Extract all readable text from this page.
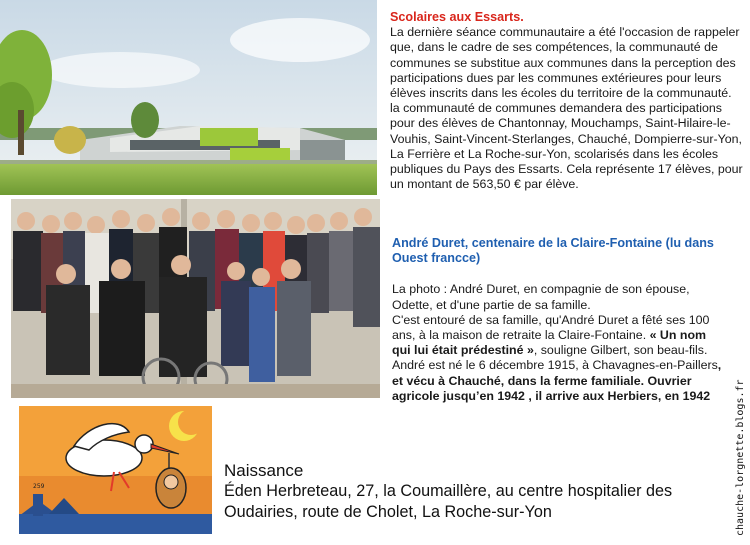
259
Scolaires aux Essarts.
La dernière séance communautaire a été l'occasion de rappeler que, dans le cadre de ses compétences, la communauté de communes se substitue aux communes dans la perception des participations dues par les communes extérieures pour leurs élèves inscrits dans les écoles du territoire de la communauté.
la communauté de communes demandera des participations pour des élèves de Chantonnay, Mouchamps, Saint-Hilaire-le-Vouhis, Saint-Vincent-Sterlanges, Chauché, Dompierre-sur-Yon, La Ferrière et La Roche-sur-Yon, scolarisés dans les écoles publiques du Pays des Essarts. Cela représente 17 élèves, pour un montant de 563,50 € par élève.
André Duret, centenaire de la Claire-Fontaine (lu dans Ouest francce)
La photo : André Duret, en compagnie de son épouse, Odette, et d'une partie de sa famille.
C'est entouré de sa famille, qu'André Duret a fêté ses 100 ans, à la maison de retraite la Claire-Fontaine. « Un nom qui lui était prédestiné », souligne Gilbert, son beau-fils.
André est né le 6 décembre 1915, à Chavagnes-en-Paillers, et vécu à Chauché, dans la ferme familiale. Ouvrier agricole jusqu’en 1942 , il arrive aux Herbiers, en 1942
Naissance
Éden Herbreteau, 27, la Coumaillère, au centre hospitalier des Oudairies, route de Cholet, La Roche-sur-Yon	chauche-lorgnette.blogs.fr
